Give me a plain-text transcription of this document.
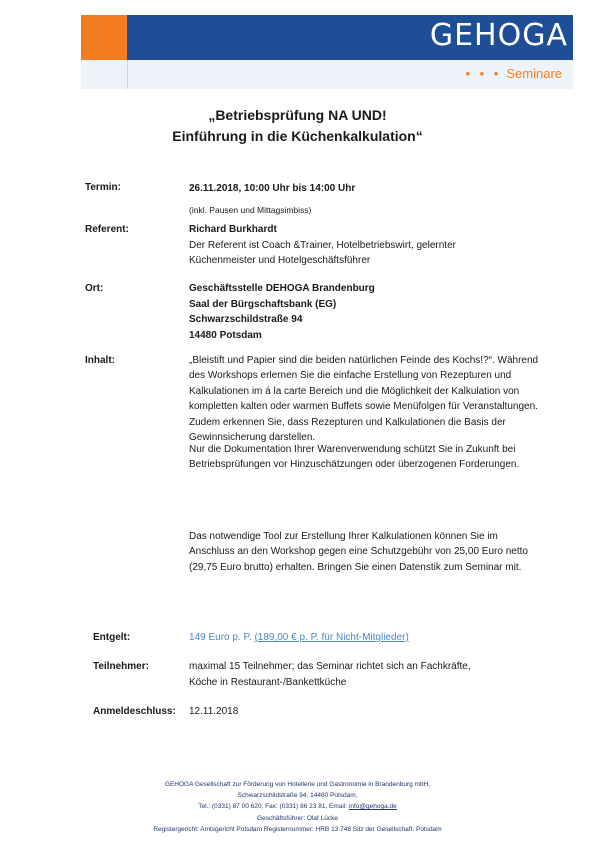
GEHOGA
• • • Seminare
„Betriebsprüfung NA UND!
Einführung in die Küchenkalkulation“
Termin:	26.11.2018, 10:00 Uhr bis 14:00 Uhr
(inkl. Pausen und Mittagsimbiss)
Referent:	Richard Burkhardt
Der Referent ist Coach &Trainer, Hotelbetriebswirt, gelernter
Küchenmeister und Hotelgeschäftsführer
Ort:	Geschäftsstelle DEHOGA Brandenburg
Saal der Bürgschaftsbank (EG)
Schwarzschildstraße 94
14480 Potsdam
Inhalt:	„Bleistift und Papier sind die beiden natürlichen Feinde des Kochs!?“. Während des Workshops erlernen Sie die einfache Erstellung von Rezepturen und Kalkulationen im á la carte Bereich und die Möglichkeit der Kalkulation von kompletten kalten oder warmen Buffets sowie Menüfolgen für Veranstaltungen. Zudem erkennen Sie, dass Rezepturen und Kalkulationen die Basis der Gewinnsicherung darstellen.
Nur die Dokumentation Ihrer Warenverwendung schützt Sie in Zukunft bei Betriebsprüfungen vor Hinzuschätzungen oder überzogenen Forderungen.
Das notwendige Tool zur Erstellung Ihrer Kalkulationen können Sie im Anschluss an den Workshop gegen eine Schutzgebühr von 25,00 Euro netto (29,75 Euro brutto) erhalten. Bringen Sie einen Datenstik zum Seminar mit.
Entgelt:	149 Euro p. P. (189,00 € p. P. für Nicht-Mitglieder)
Teilnehmer:	maximal 15 Teilnehmer; das Seminar richtet sich an Fachkräfte,
Köche in Restaurant-/Bankettküche
Anmeldeschluss: 12.11.2018
GEHOGA Gesellschaft zur Förderung von Hotellerie und Gastronomie in Brandenburg mbH,
Schwarzschildstraße 94, 14480 Potsdam,
Tel.: (0331) 87 00 620, Fax: (0331) 86 23 81, Email: info@gehoga.de
Geschäftsführer: Olaf Lücke
Registergericht: Amtsgericht Potsdam Registernummer: HRB 13 748 Sitz der Gesellschaft: Potsdam
